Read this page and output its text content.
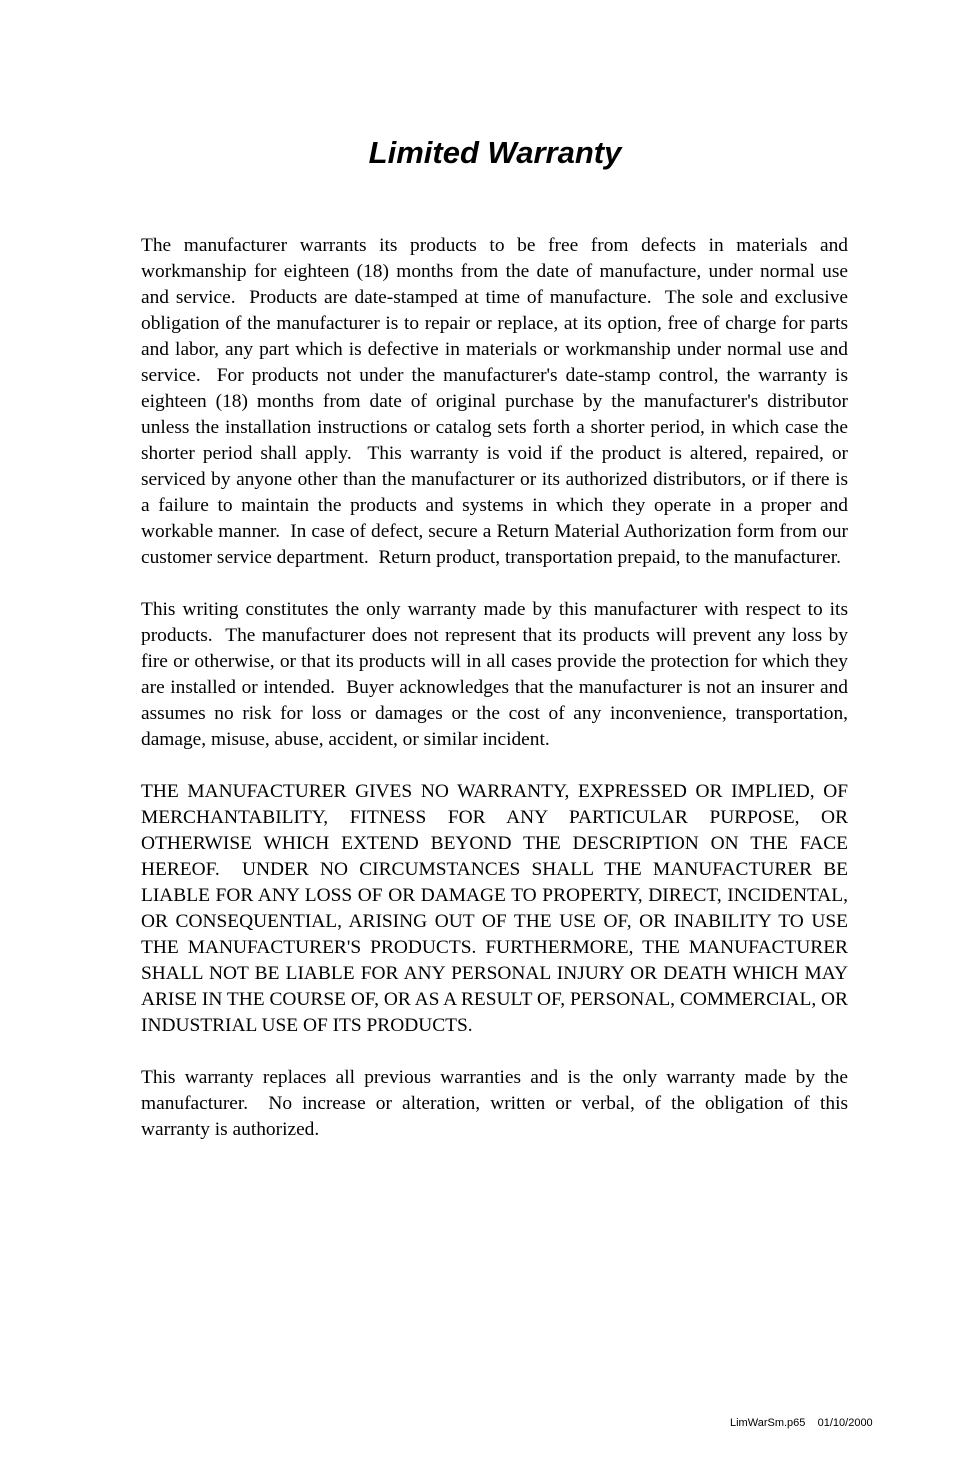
Limited Warranty

The manufacturer warrants its products to be free from defects in materials and workmanship for eighteen (18) months from the date of manufacture, under normal use and service.  Products are date-stamped at time of manufacture.  The sole and exclusive obligation of the manufacturer is to repair or replace, at its option, free of charge for parts and labor, any part which is defective in materials or workmanship under normal use and service.  For products not under the manufacturer's date-stamp control, the warranty is eighteen (18) months from date of original purchase by the manufacturer's distributor unless the installation instructions or catalog sets forth a shorter period, in which case the shorter period shall apply.  This warranty is void if the product is altered, repaired, or serviced by anyone other than the manufacturer or its authorized distributors, or if there is a failure to maintain the products and systems in which they operate in a proper and workable manner.  In case of defect, secure a Return Material Authorization form from our customer service department.  Return product, transportation prepaid, to the manufacturer.

This writing constitutes the only warranty made by this manufacturer with respect to its products.  The manufacturer does not represent that its products will prevent any loss by fire or otherwise, or that its products will in all cases provide the protection for which they are installed or intended.  Buyer acknowledges that the manufacturer is not an insurer and assumes no risk for loss or damages or the cost of any inconvenience, transportation, damage, misuse, abuse, accident, or similar incident.

THE MANUFACTURER GIVES NO WARRANTY, EXPRESSED OR IMPLIED, OF MERCHANTABILITY, FITNESS FOR ANY PARTICULAR PURPOSE, OR OTHERWISE WHICH EXTEND BEYOND THE DESCRIPTION ON THE FACE HEREOF.  UNDER NO CIRCUMSTANCES SHALL THE MANUFACTURER BE LIABLE FOR ANY LOSS OF OR DAMAGE TO PROPERTY, DIRECT, INCIDENTAL, OR CONSEQUENTIAL, ARISING OUT OF THE USE OF, OR INABILITY TO USE THE MANUFACTURER'S PRODUCTS. FURTHERMORE, THE MANUFACTURER SHALL NOT BE LIABLE FOR ANY PERSONAL INJURY OR DEATH WHICH MAY ARISE IN THE COURSE OF, OR AS A RESULT OF, PERSONAL, COMMERCIAL, OR INDUSTRIAL USE OF ITS PRODUCTS.

This warranty replaces all previous warranties and is the only warranty made by the manufacturer.  No increase or alteration, written or verbal, of the obligation of this warranty is authorized.

LimWarSm.p65 01/10/2000
